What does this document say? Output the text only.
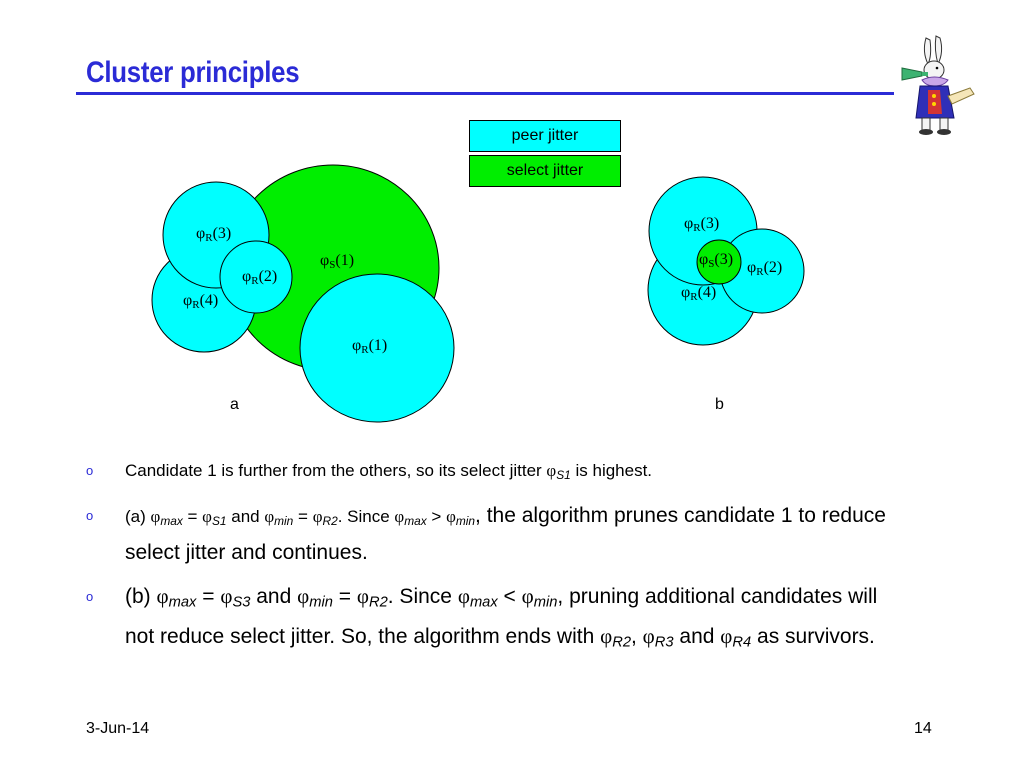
Cluster principles
peer jitter
select jitter
φS(1)
φR(3)
φR(2)
φR(4)
φR(1)
a
φR(3)
φS(3) φR(2)
φR(4)
b
o Candidate 1 is further from the others, so its select jitter φS1 is highest.
o (a) φmax = φS1 and φmin = φR2. Since φmax > φmin, the algorithm prunes candidate 1 to reduce select jitter and continues.
o (b) φmax = φS3 and φmin = φR2. Since φmax < φmin, pruning additional candidates will not reduce select jitter. So, the algorithm ends with φR2, φR3 and φR4 as survivors.
3-Jun-14	14
